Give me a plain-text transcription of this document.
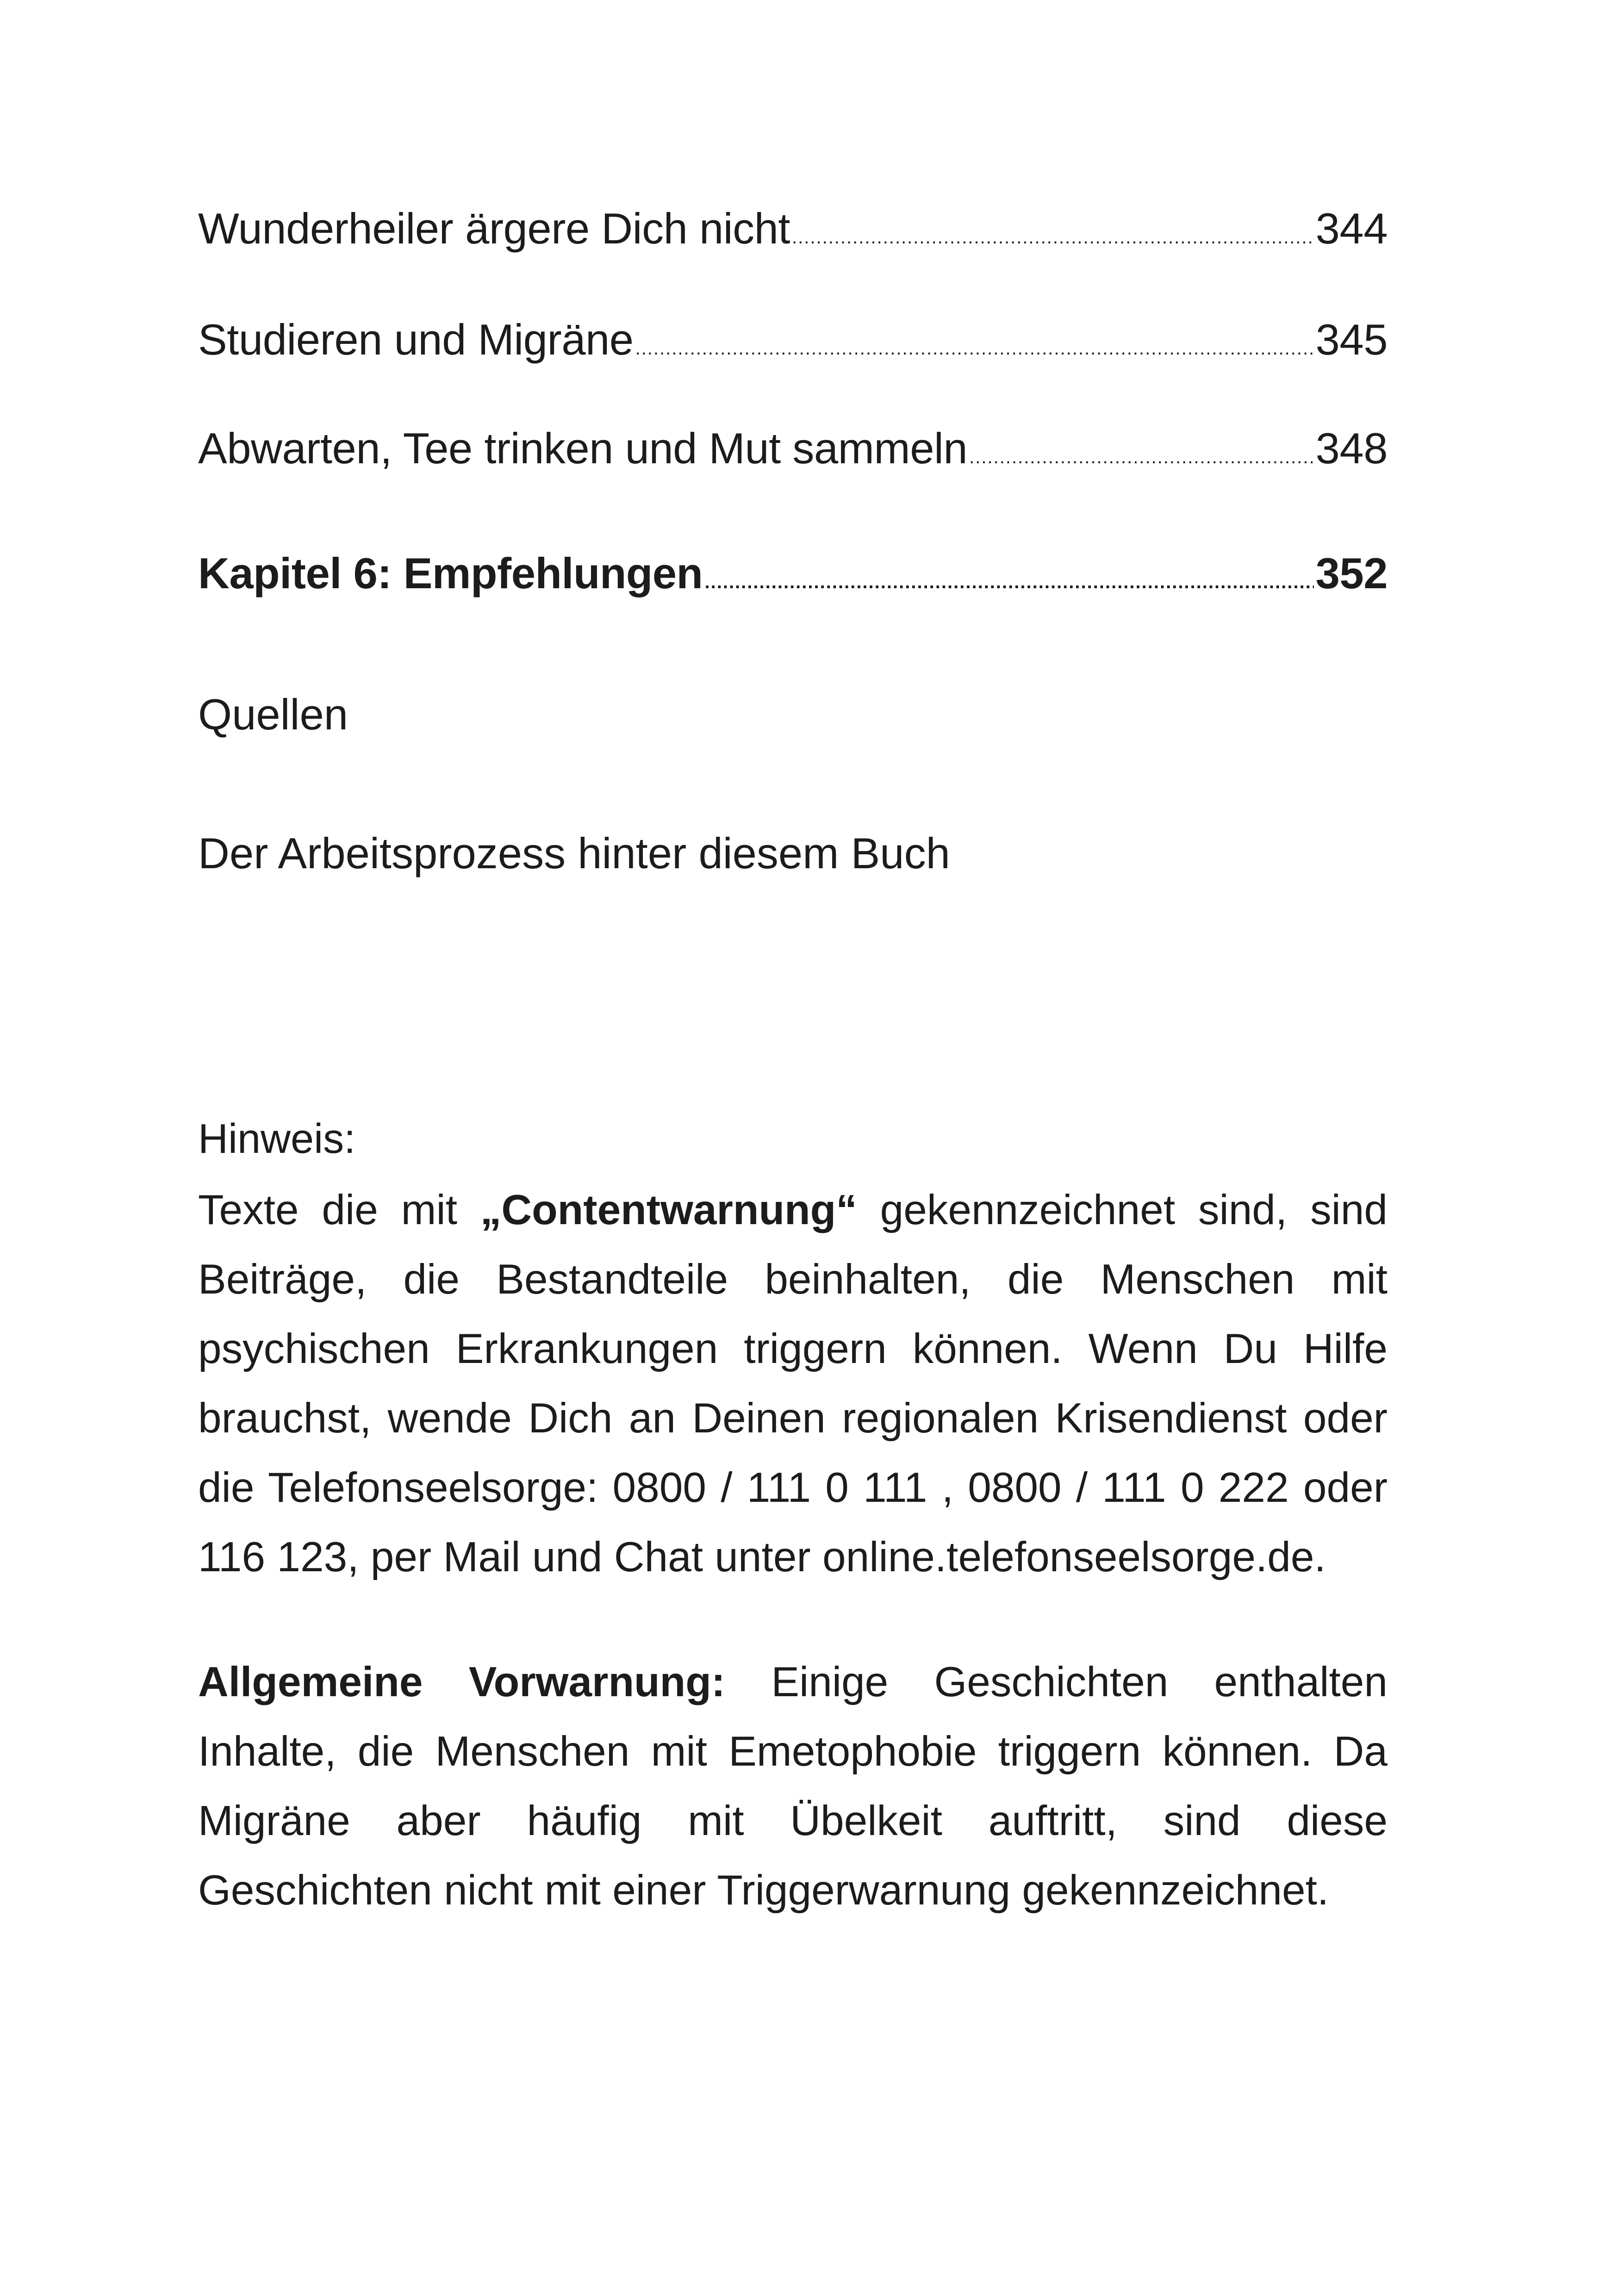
Wunderheiler ärgere Dich nicht .....	344
Studieren und Migräne .....	345
Abwarten, Tee trinken und Mut sammeln .....	348
Kapitel 6: Empfehlungen .....	352
Quellen
Der Arbeitsprozess hinter diesem Buch
Hinweis:

Texte die mit „Contentwarnung“ gekennzeichnet sind, sind Beiträge, die Bestandteile beinhalten, die Menschen mit psychischen Erkrankungen triggern können. Wenn Du Hilfe brauchst, wende Dich an Deinen regionalen Krisendienst oder die Telefonseelsorge: 0800 / 111 0 111 , 0800 / 111 0 222 oder 116 123, per Mail und Chat unter online.telefonseelsorge.de.

Allgemeine Vorwarnung: Einige Geschichten enthalten Inhalte, die Menschen mit Emetophobie triggern können. Da Migräne aber häufig mit Übelkeit auftritt, sind diese Geschichten nicht mit einer Triggerwarnung gekennzeichnet.
